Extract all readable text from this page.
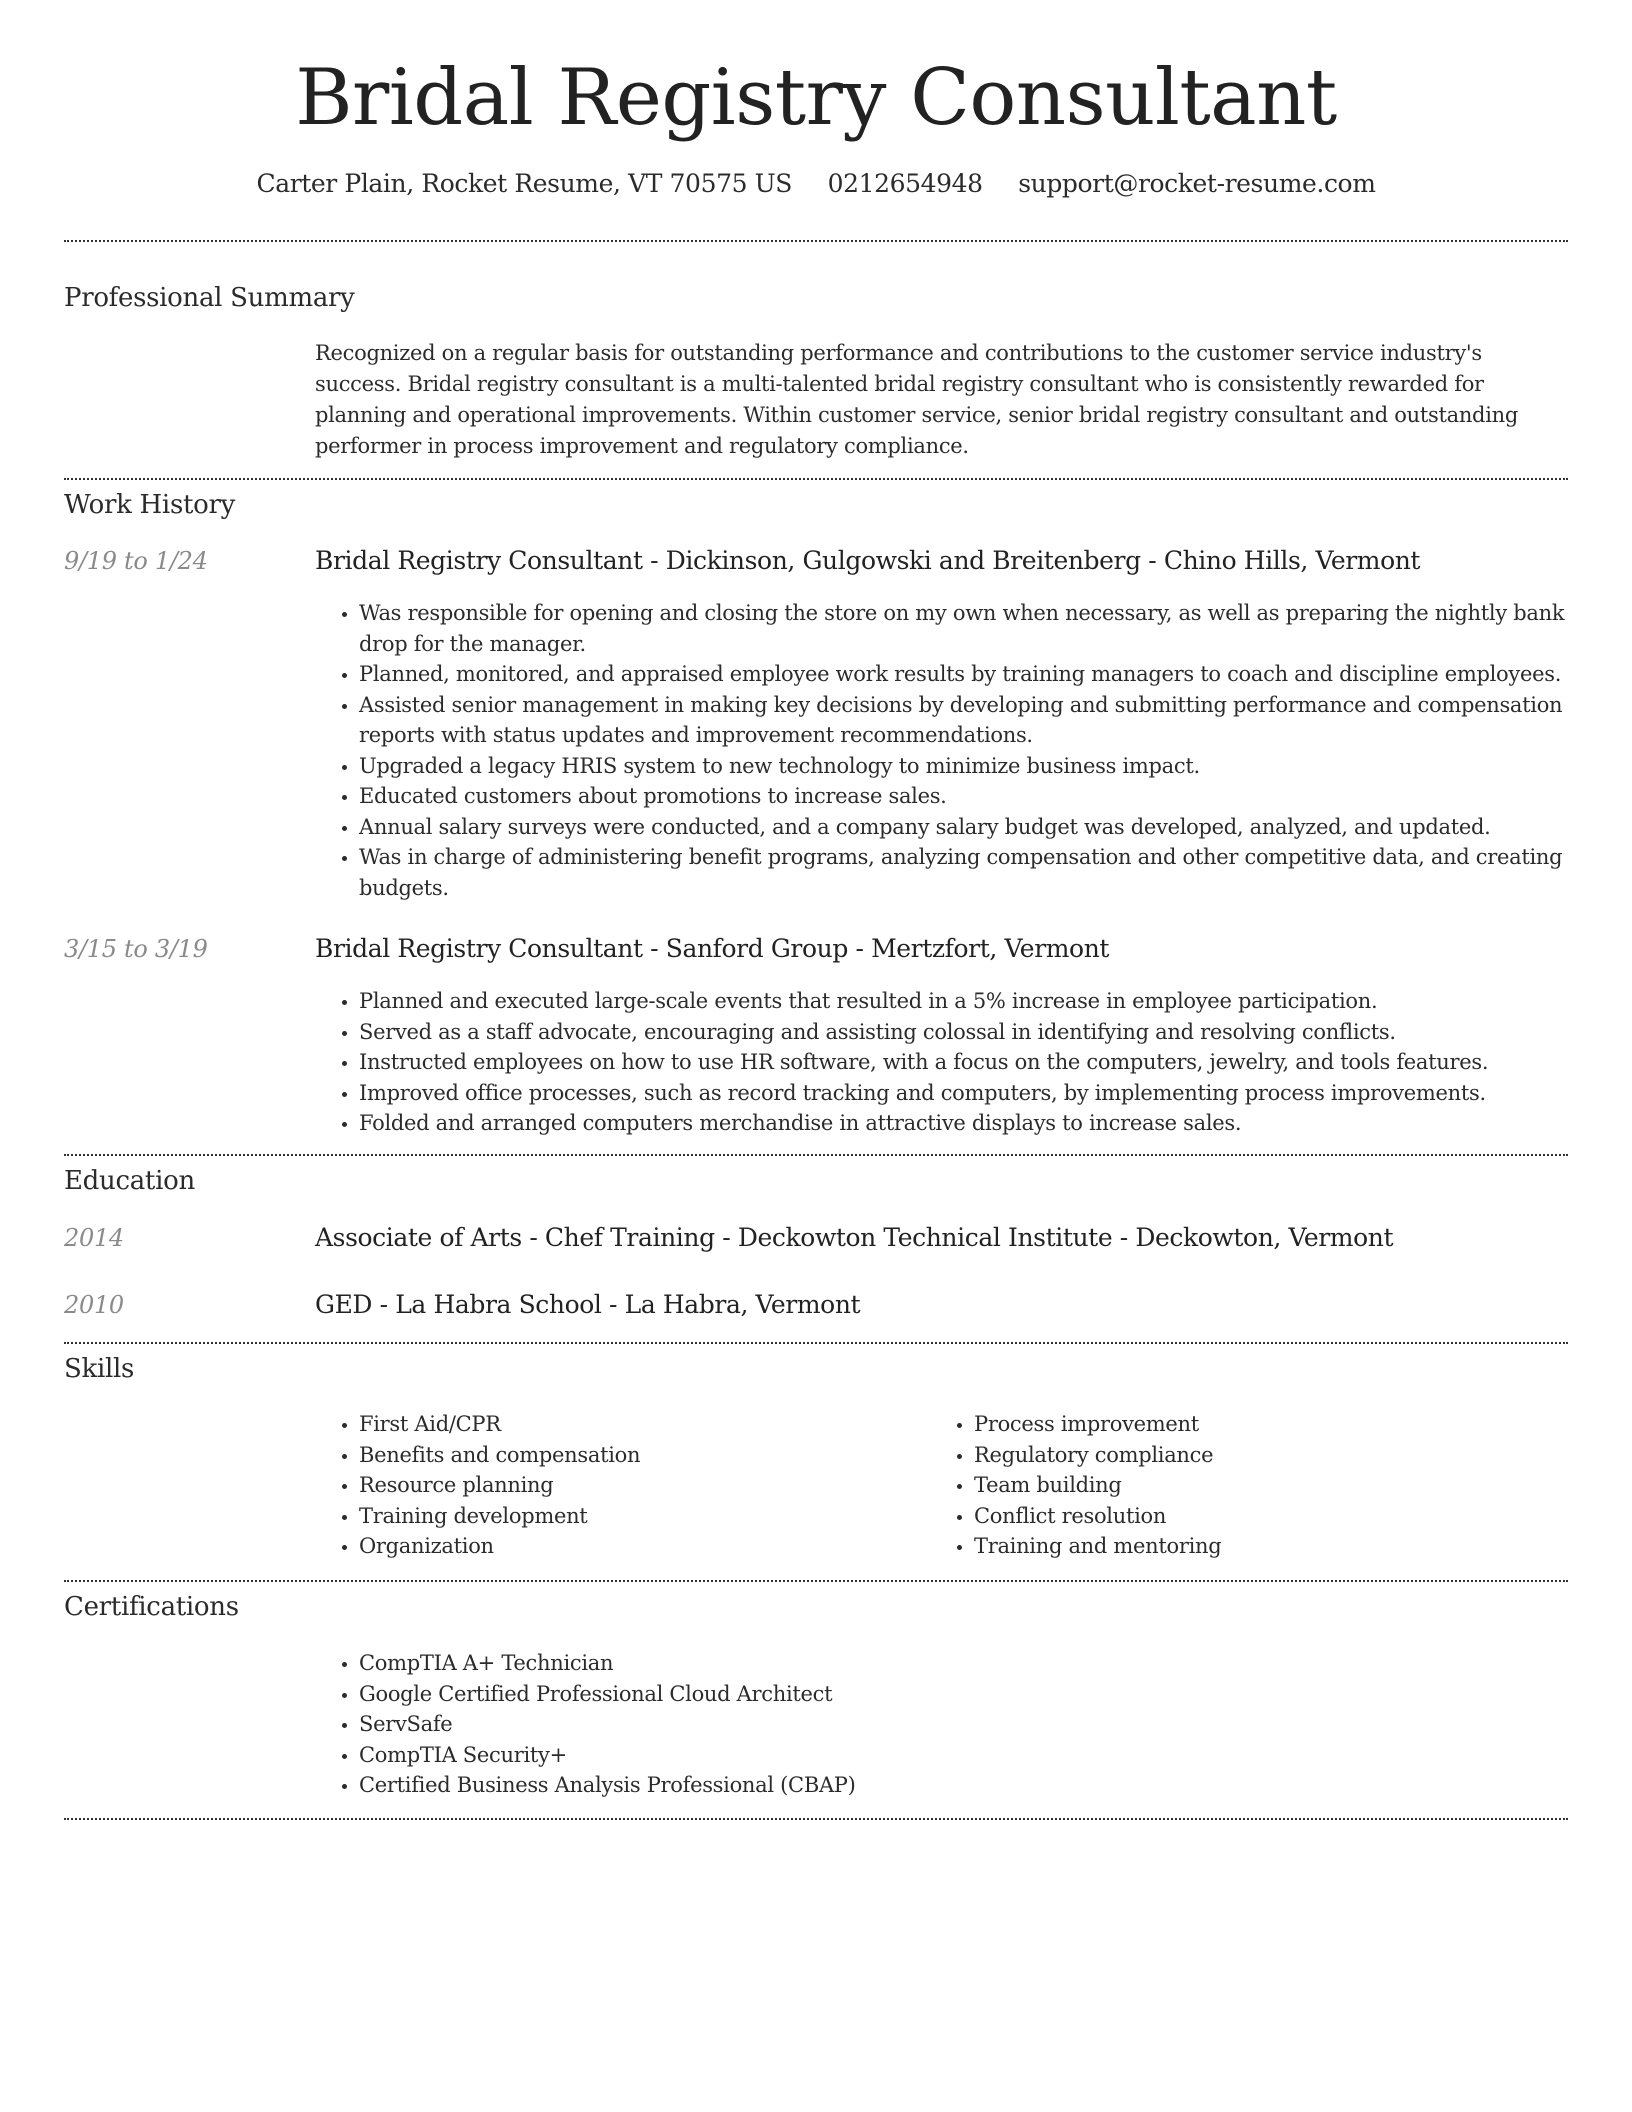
Bridal Registry Consultant
Carter Plain, Rocket Resume, VT 70575 US 0212654948 support@rocket-resume.com
Professional Summary
Recognized on a regular basis for outstanding performance and contributions to the customer service industry's success. Bridal registry consultant is a multi-talented bridal registry consultant who is consistently rewarded for planning and operational improvements. Within customer service, senior bridal registry consultant and outstanding performer in process improvement and regulatory compliance.
Work History
9/19 to 1/24	Bridal Registry Consultant - Dickinson, Gulgowski and Breitenberg - Chino Hills, Vermont
• Was responsible for opening and closing the store on my own when necessary, as well as preparing the nightly bank drop for the manager.
• Planned, monitored, and appraised employee work results by training managers to coach and discipline employees.
• Assisted senior management in making key decisions by developing and submitting performance and compensation reports with status updates and improvement recommendations.
• Upgraded a legacy HRIS system to new technology to minimize business impact.
• Educated customers about promotions to increase sales.
• Annual salary surveys were conducted, and a company salary budget was developed, analyzed, and updated.
• Was in charge of administering benefit programs, analyzing compensation and other competitive data, and creating budgets.
3/15 to 3/19	Bridal Registry Consultant - Sanford Group - Mertzfort, Vermont
• Planned and executed large-scale events that resulted in a 5% increase in employee participation.
• Served as a staff advocate, encouraging and assisting colossal in identifying and resolving conflicts.
• Instructed employees on how to use HR software, with a focus on the computers, jewelry, and tools features.
• Improved office processes, such as record tracking and computers, by implementing process improvements.
• Folded and arranged computers merchandise in attractive displays to increase sales.
Education
2014	Associate of Arts - Chef Training - Deckowton Technical Institute - Deckowton, Vermont
2010	GED - La Habra School - La Habra, Vermont
Skills
• First Aid/CPR
• Benefits and compensation
• Resource planning
• Training development
• Organization
• Process improvement
• Regulatory compliance
• Team building
• Conflict resolution
• Training and mentoring
Certifications
• CompTIA A+ Technician
• Google Certified Professional Cloud Architect
• ServSafe
• CompTIA Security+
• Certified Business Analysis Professional (CBAP)
